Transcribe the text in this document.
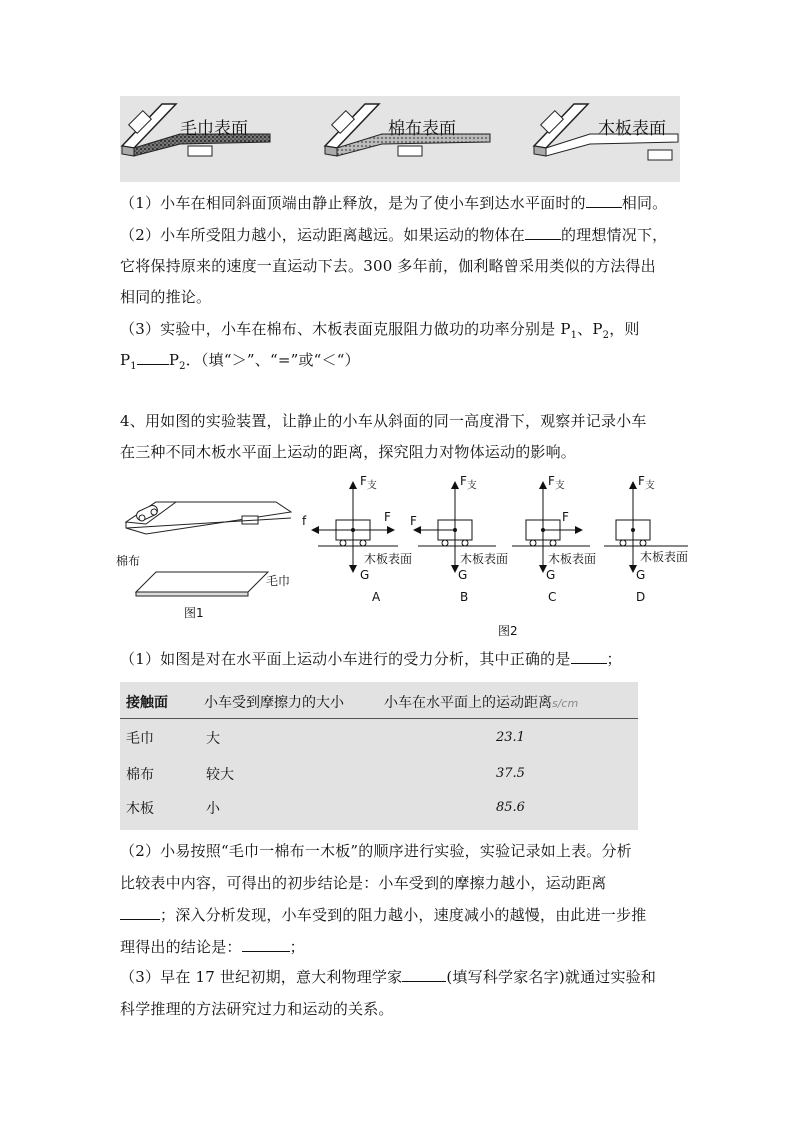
毛巾表面	棉布表面	木板表面
（1）小车在相同斜面顶端由静止释放，是为了使小车到达水平面时的 相同。
（2）小车所受阻力越小，运动距离越远。如果运动的物体在 的理想情况下，
它将保持原来的速度一直运动下去。300 多年前，伽利略曾采用类似的方法得出
相同的推论。
（3）实验中，小车在棉布、木板表面克服阻力做功的功率分别是 $P_1$、$P_2$，则
$P_1$ $P_2$．（填“＞”、“=”或“＜“）
4、用如图的实验装置，让静止的小车从斜面的同一高度滑下，观察并记录小车
在三种不同木板水平面上运动的距离，探究阻力对物体运动的影响。
棉布
毛巾
图1
$F_支$
f	F
G
木板表面
A
$F_支$
F
G
木板表面
B
$F_支$
F
G
木板表面
C
$F_支$
G
木板表面
D
图2
（1）如图是对在水平面上运动小车进行的受力分析，其中正确的是 ；
接触面	小车受到摩擦力的大小	小车在水平面上的运动距离s/cm
毛巾	大	23.1
棉布	较大	37.5
木板	小	85.6
（2）小易按照“毛巾一棉布一木板”的顺序进行实验，实验记录如上表。分析
比较表中内容，可得出的初步结论是：小车受到的摩擦力越小，运动距离
；深入分析发现，小车受到的阻力越小，速度减小的越慢，由此进一步推
理得出的结论是：	；
（3）早在 17 世纪初期，意大利物理学家	(填写科学家名字)就通过实验和
科学推理的方法研究过力和运动的关系。
